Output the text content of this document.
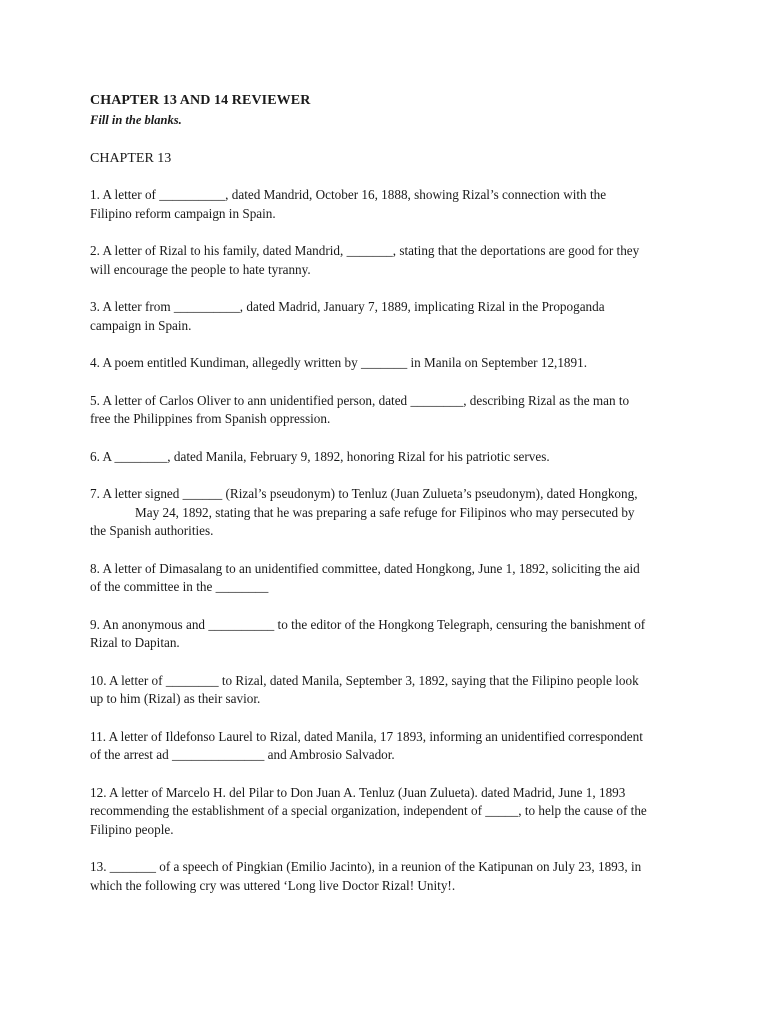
CHAPTER 13 AND 14 REVIEWER

Fill in the blanks.

CHAPTER 13

1. A letter of __________, dated Mandrid, October 16, 1888, showing Rizal’s connection with the
Filipino reform campaign in Spain.
2. A letter of Rizal to his family, dated Mandrid, _______, stating that the deportations are good for they
will encourage the people to hate tyranny.
3. A letter from __________, dated Madrid, January 7, 1889, implicating Rizal in the Propoganda
campaign in Spain.
4. A poem entitled Kundiman, allegedly written by _______ in Manila on September 12,1891.
5. A letter of Carlos Oliver to ann unidentified person, dated ________, describing Rizal as the man to
free the Philippines from Spanish oppression.
6. A ________, dated Manila, February 9, 1892, honoring Rizal for his patriotic serves.
7. A letter signed ______ (Rizal’s pseudonym) to Tenluz (Juan Zulueta’s pseudonym), dated Hongkong,
May 24, 1892, stating that he was preparing a safe refuge for Filipinos who may persecuted by
the Spanish authorities.
8. A letter of Dimasalang to an unidentified committee, dated Hongkong, June 1, 1892, soliciting the aid
of the committee in the ________
9. An anonymous and __________ to the editor of the Hongkong Telegraph, censuring the banishment of
Rizal to Dapitan.
10. A letter of ________ to Rizal, dated Manila, September 3, 1892, saying that the Filipino people look
up to him (Rizal) as their savior.
11. A letter of Ildefonso Laurel to Rizal, dated Manila, 17 1893, informing an unidentified correspondent
of the arrest ad ______________ and Ambrosio Salvador.
12. A letter of Marcelo H. del Pilar to Don Juan A. Tenluz (Juan Zulueta). dated Madrid, June 1, 1893
recommending the establishment of a special organization, independent of _____, to help the cause of the
Filipino people.
13. _______ of a speech of Pingkian (Emilio Jacinto), in a reunion of the Katipunan on July 23, 1893, in
which the following cry was uttered ‘Long live Doctor Rizal! Unity!.
